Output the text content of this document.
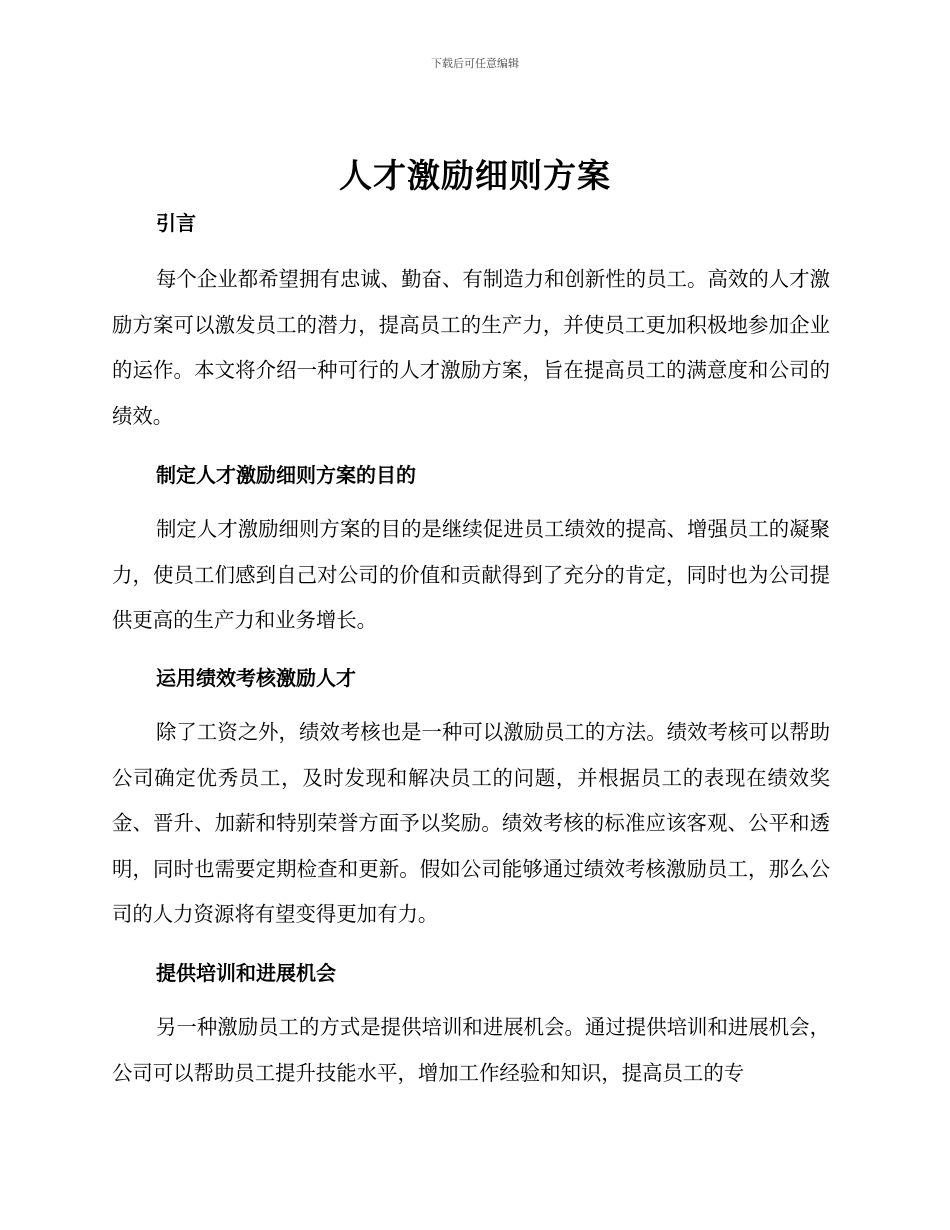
下载后可任意编辑
人才激励细则方案
引言

每个企业都希望拥有忠诚、勤奋、有制造力和创新性的员工。高效的人才激励方案可以激发员工的潜力，提高员工的生产力，并使员工更加积极地参加企业的运作。本文将介绍一种可行的人才激励方案，旨在提高员工的满意度和公司的绩效。

制定人才激励细则方案的目的

制定人才激励细则方案的目的是继续促进员工绩效的提高、增强员工的凝聚力，使员工们感到自己对公司的价值和贡献得到了充分的肯定，同时也为公司提供更高的生产力和业务增长。

运用绩效考核激励人才

除了工资之外，绩效考核也是一种可以激励员工的方法。绩效考核可以帮助公司确定优秀员工，及时发现和解决员工的问题，并根据员工的表现在绩效奖金、晋升、加薪和特别荣誉方面予以奖励。绩效考核的标准应该客观、公平和透明，同时也需要定期检查和更新。假如公司能够通过绩效考核激励员工，那么公司的人力资源将有望变得更加有力。

提供培训和进展机会

另一种激励员工的方式是提供培训和进展机会。通过提供培训和进展机会，公司可以帮助员工提升技能水平，增加工作经验和知识，提高员工的专
